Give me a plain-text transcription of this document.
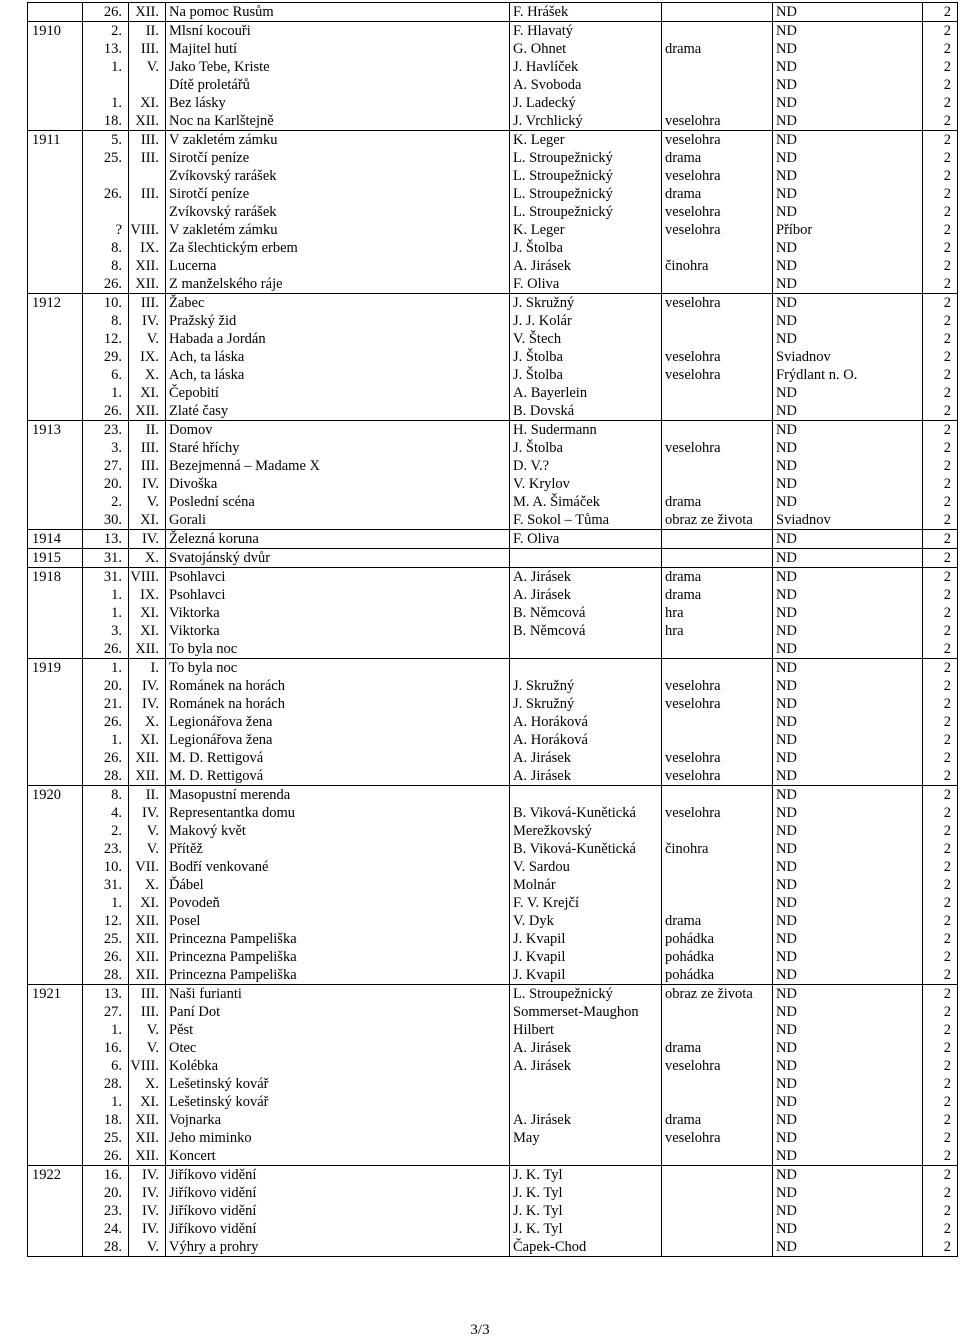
	26.	XII.	Na pomoc Rusům	F. Hrášek		ND	2
1910	2.	II.	Mlsní kocouři	F. Hlavatý		ND	2
	13.	III.	Majitel hutí	G. Ohnet	drama	ND	2
	1.	V.	Jako Tebe, Kriste	J. Havlíček		ND	2
			Dítě proletářů	A. Svoboda		ND	2
	1.	XI.	Bez lásky	J. Ladecký		ND	2
	18.	XII.	Noc na Karlštejně	J. Vrchlický	veselohra	ND	2
1911	5.	III.	V zakletém zámku	K. Leger	veselohra	ND	2
	25.	III.	Sirotčí peníze	L. Stroupežnický	drama	ND	2
			Zvíkovský rarášek	L. Stroupežnický	veselohra	ND	2
	26.	III.	Sirotčí peníze	L. Stroupežnický	drama	ND	2
			Zvíkovský rarášek	L. Stroupežnický	veselohra	ND	2
	?	VIII.	V zakletém zámku	K. Leger	veselohra	Příbor	2
	8.	IX.	Za šlechtickým erbem	J. Štolba		ND	2
	8.	XII.	Lucerna	A. Jirásek	činohra	ND	2
	26.	XII.	Z manželského ráje	F. Oliva		ND	2
1912	10.	III.	Žabec	J. Skružný	veselohra	ND	2
	8.	IV.	Pražský žid	J. J. Kolár		ND	2
	12.	V.	Habada a Jordán	V. Štech		ND	2
	29.	IX.	Ach, ta láska	J. Štolba	veselohra	Sviadnov	2
	6.	X.	Ach, ta láska	J. Štolba	veselohra	Frýdlant n. O.	2
	1.	XI.	Čepobití	A. Bayerlein		ND	2
	26.	XII.	Zlaté časy	B. Dovská		ND	2
1913	23.	II.	Domov	H. Sudermann		ND	2
	3.	III.	Staré hříchy	J. Štolba	veselohra	ND	2
	27.	III.	Bezejmenná – Madame X	D. V.?		ND	2
	20.	IV.	Divoška	V. Krylov		ND	2
	2.	V.	Poslední scéna	M. A. Šimáček	drama	ND	2
	30.	XI.	Gorali	F. Sokol – Tůma	obraz ze života	Sviadnov	2
1914	13.	IV.	Železná koruna	F. Oliva		ND	2
1915	31.	X.	Svatojánský dvůr			ND	2
1918	31.	VIII.	Psohlavci	A. Jirásek	drama	ND	2
	1.	IX.	Psohlavci	A. Jirásek	drama	ND	2
	1.	XI.	Viktorka	B. Němcová	hra	ND	2
	3.	XI.	Viktorka	B. Němcová	hra	ND	2
	26.	XII.	To byla noc			ND	2
1919	1.	I.	To byla noc			ND	2
	20.	IV.	Románek na horách	J. Skružný	veselohra	ND	2
	21.	IV.	Románek na horách	J. Skružný	veselohra	ND	2
	26.	X.	Legionářova žena	A. Horáková		ND	2
	1.	XI.	Legionářova žena	A. Horáková		ND	2
	26.	XII.	M. D. Rettigová	A. Jirásek	veselohra	ND	2
	28.	XII.	M. D. Rettigová	A. Jirásek	veselohra	ND	2
1920	8.	II.	Masopustní merenda			ND	2
	4.	IV.	Representantka domu	B. Viková-Kunětická	veselohra	ND	2
	2.	V.	Makový květ	Merežkovský		ND	2
	23.	V.	Přítěž	B. Viková-Kunětická	činohra	ND	2
	10.	VII.	Bodří venkované	V. Sardou		ND	2
	31.	X.	Ďábel	Molnár		ND	2
	1.	XI.	Povodeň	F. V. Krejčí		ND	2
	12.	XII.	Posel	V. Dyk	drama	ND	2
	25.	XII.	Princezna Pampeliška	J. Kvapil	pohádka	ND	2
	26.	XII.	Princezna Pampeliška	J. Kvapil	pohádka	ND	2
	28.	XII.	Princezna Pampeliška	J. Kvapil	pohádka	ND	2
1921	13.	III.	Naši furianti	L. Stroupežnický	obraz ze života	ND	2
	27.	III.	Paní Dot	Sommerset-Maughon		ND	2
	1.	V.	Pěst	Hilbert		ND	2
	16.	V.	Otec	A. Jirásek	drama	ND	2
	6.	VIII.	Kolébka	A. Jirásek	veselohra	ND	2
	28.	X.	Lešetinský kovář			ND	2
	1.	XI.	Lešetinský kovář			ND	2
	18.	XII.	Vojnarka	A. Jirásek	drama	ND	2
	25.	XII.	Jeho miminko	May	veselohra	ND	2
	26.	XII.	Koncert			ND	2
1922	16.	IV.	Jiříkovo vidění	J. K. Tyl		ND	2
	20.	IV.	Jiříkovo vidění	J. K. Tyl		ND	2
	23.	IV.	Jiříkovo vidění	J. K. Tyl		ND	2
	24.	IV.	Jiříkovo vidění	J. K. Tyl		ND	2
	28.	V.	Výhry a prohry	Čapek-Chod		ND	2
3/3
